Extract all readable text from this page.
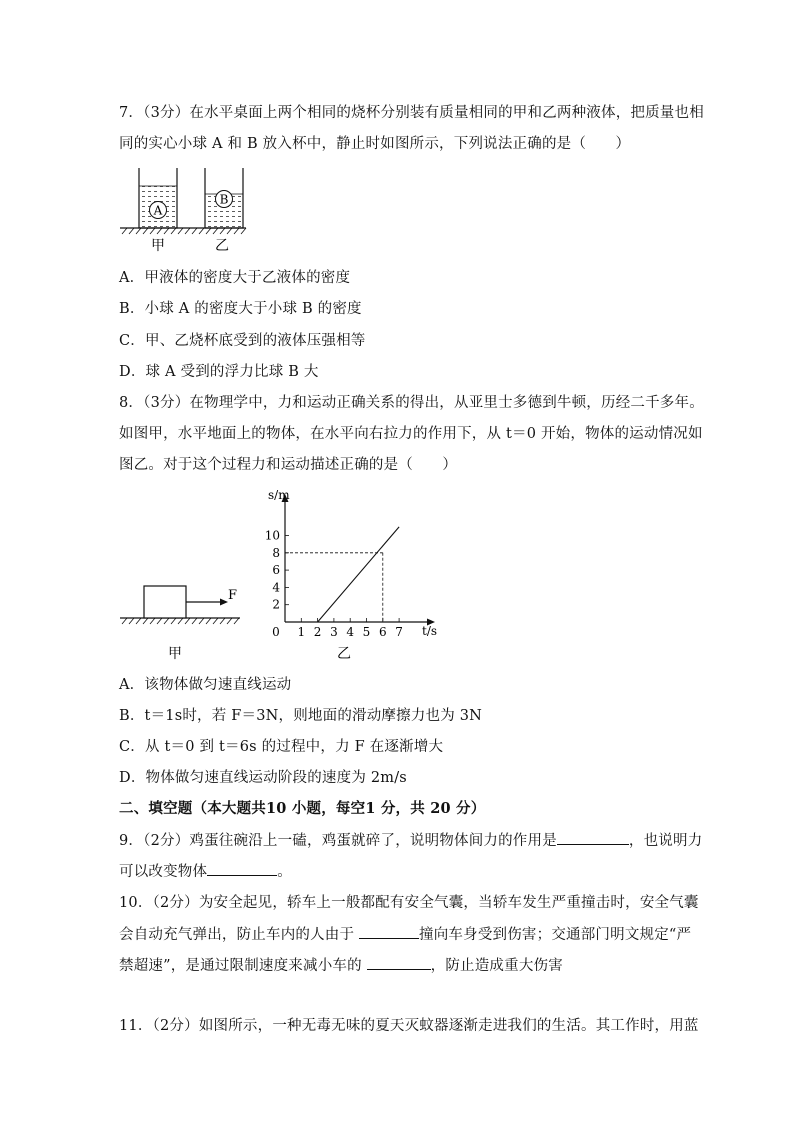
7．（3分）在水平桌面上两个相同的烧杯分别装有质量相同的甲和乙两种液体，把质量也相
同的实心小球 A 和 B 放入杯中，静止时如图所示，下列说法正确的是（　　）
A
B
甲	乙
A．甲液体的密度大于乙液体的密度
B．小球 A 的密度大于小球 B 的密度
C．甲、乙烧杯底受到的液体压强相等
D．球 A 受到的浮力比球 B 大
8．（3分）在物理学中，力和运动正确关系的得出，从亚里士多德到牛顿，历经二千多年。
如图甲，水平地面上的物体，在水平向右拉力的作用下，从 t＝0 开始，物体的运动情况如
图乙。对于这个过程力和运动描述正确的是（　　）
F
甲
s/m
t/s
乙
0 1 2 3 4 5 6 7
2
4
6
8
10
A．该物体做匀速直线运动
B．t＝1s时，若 F＝3N，则地面的滑动摩擦力也为 3N
C．从 t＝0 到 t＝6s 的过程中，力 F 在逐渐增大
D．物体做匀速直线运动阶段的速度为 2m/s
二、填空题（本大题共10 小题，每空1 分，共 20 分）
9．（2分）鸡蛋往碗沿上一磕，鸡蛋就碎了，说明物体间力的作用是	，也说明力
可以改变物体	。
10．（2分）为安全起见，轿车上一般都配有安全气囊，当轿车发生严重撞击时，安全气囊
会自动充气弹出，防止车内的人由于	撞向车身受到伤害；交通部门明文规定“严
禁超速”，是通过限制速度来减小车的	，防止造成重大伤害
11．（2分）如图所示，一种无毒无味的夏天灭蚊器逐渐走进我们的生活。其工作时，用蓝
